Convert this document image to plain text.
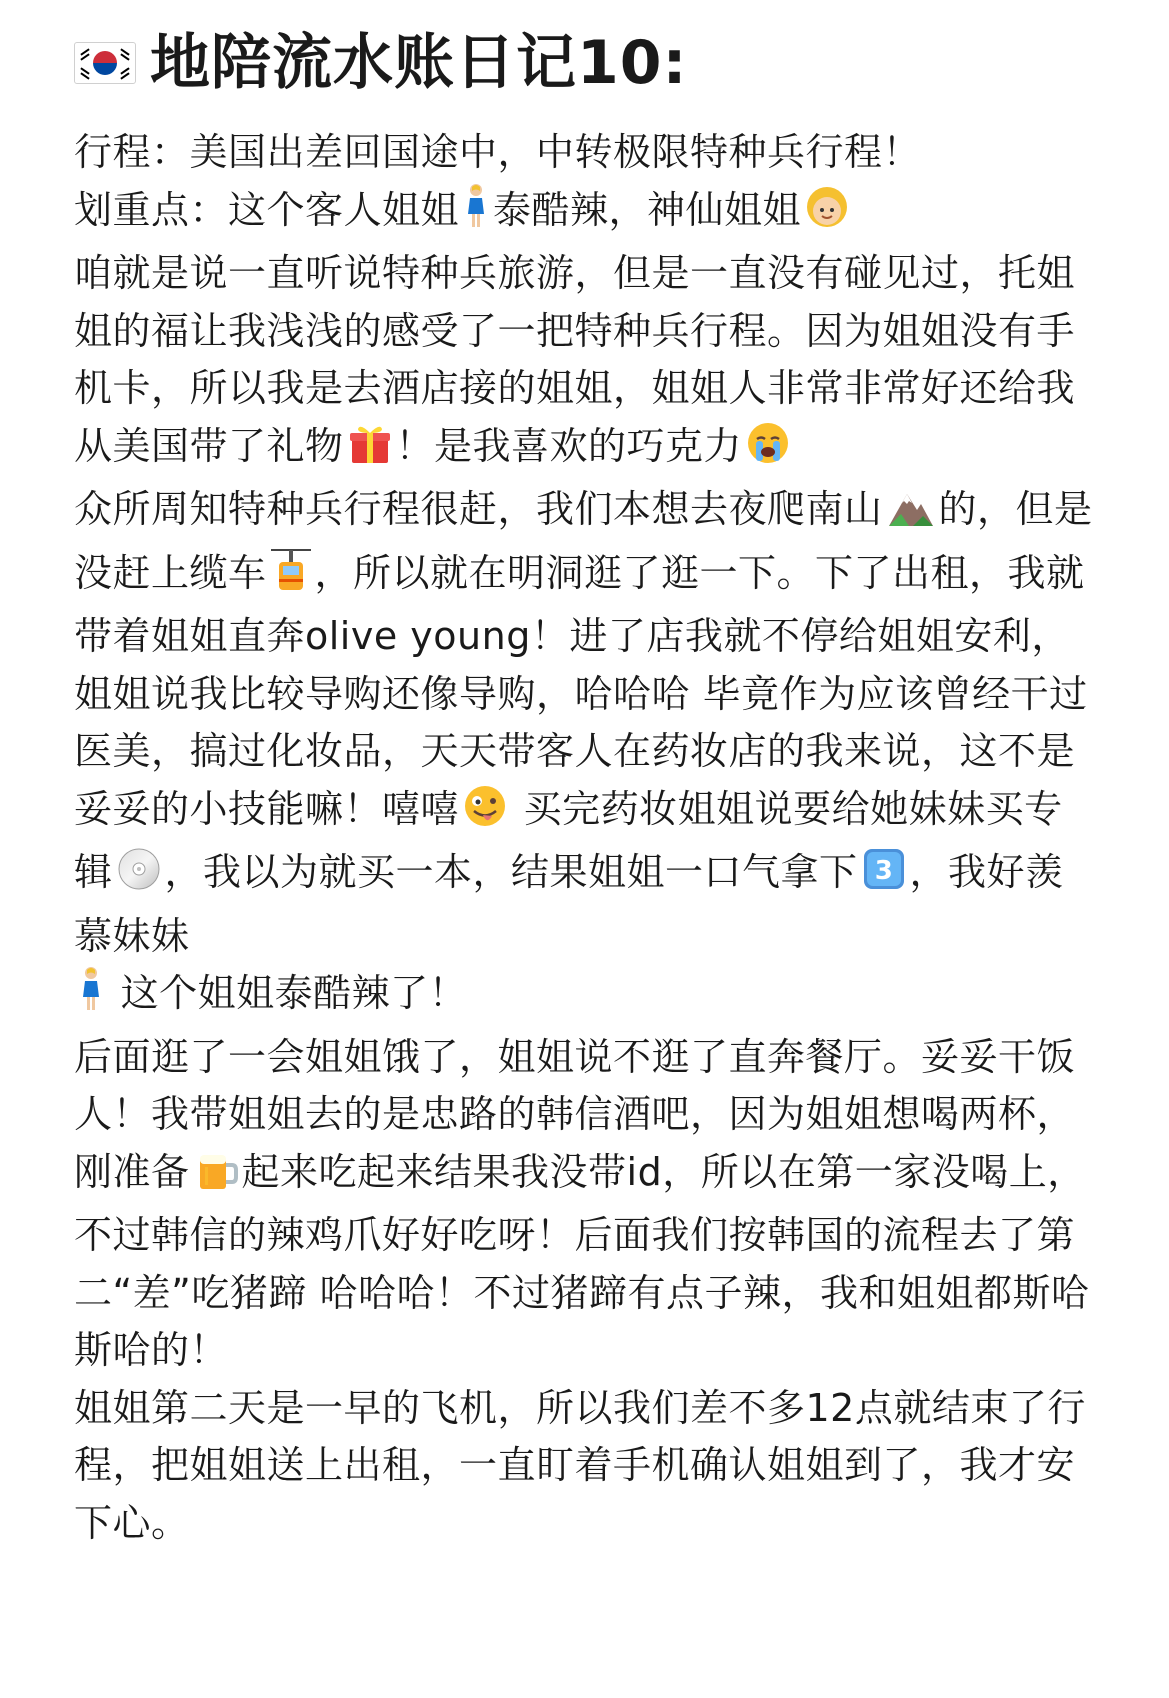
地陪流水账日记10:

行程：美国出差回国途中，中转极限特种兵行程！

划重点：这个客人姐姐 泰酷辣，神仙姐姐

咱就是说一直听说特种兵旅游，但是一直没有碰见过，托姐姐的福让我浅浅的感受了一把特种兵行程。因为姐姐没有手机卡，所以我是去酒店接的姐姐，姐姐人非常非常好还给我从美国带了礼物 ！是我喜欢的巧克力

众所周知特种兵行程很赶，我们本想去夜爬南山 的，但是没赶上缆车 ，所以就在明洞逛了逛一下。下了出租，我就带着姐姐直奔olive young！进了店我就不停给姐姐安利，姐姐说我比较导购还像导购，哈哈哈 毕竟作为应该曾经干过医美，搞过化妆品，天天带客人在药妆店的我来说，这不是妥妥的小技能嘛！嘻嘻 买完药妆姐姐说要给她妹妹买专辑 ，我以为就买一本，结果姐姐一口气拿下 3 ，我好羡慕妹妹
这个姐姐泰酷辣了！

后面逛了一会姐姐饿了，姐姐说不逛了直奔餐厅。妥妥干饭人！我带姐姐去的是忠路的韩信酒吧，因为姐姐想喝两杯，刚准备 起来吃起来结果我没带id，所以在第一家没喝上，不过韩信的辣鸡爪好好吃呀！后面我们按韩国的流程去了第二“差”吃猪蹄 哈哈哈！不过猪蹄有点子辣，我和姐姐都斯哈斯哈的！

姐姐第二天是一早的飞机，所以我们差不多12点就结束了行程，把姐姐送上出租，一直盯着手机确认姐姐到了，我才安下心。
